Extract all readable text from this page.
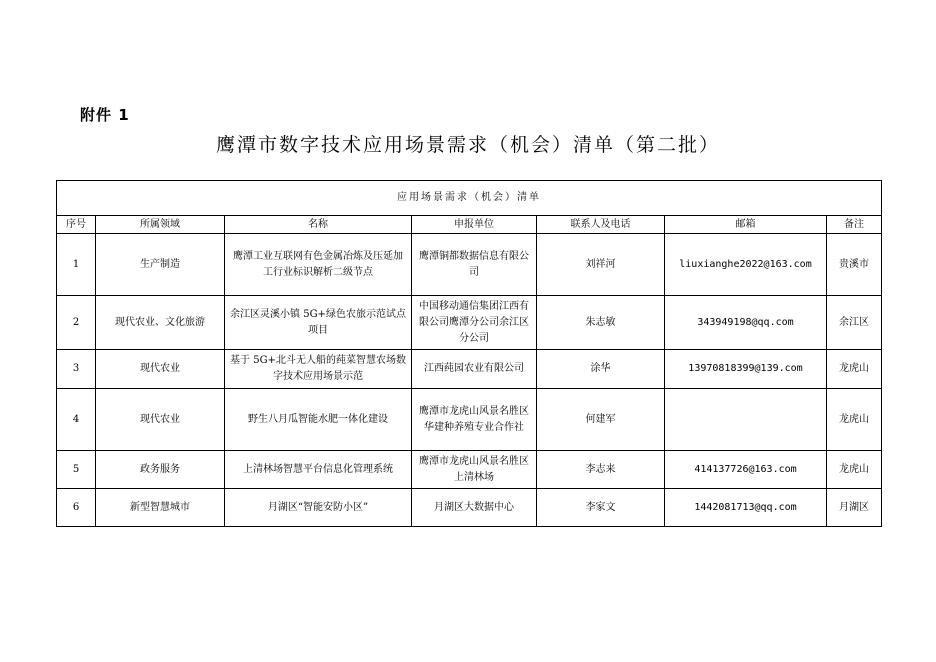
附件 1
鹰潭市数字技术应用场景需求（机会）清单（第二批）
应用场景需求（机会）清单						
序号	所属领域	名称	申报单位	联系人及电话	邮箱	备注
1	生产制造	鹰潭工业互联网有色金属冶炼及压延加工行业标识解析二级节点	鹰潭铜都数据信息有限公司	刘祥河	liuxianghe2022@163.com	贵溪市
2	现代农业、文化旅游	余江区灵溪小镇 5G+绿色农旅示范试点项目	中国移动通信集团江西有限公司鹰潭分公司余江区分公司	朱志敏	343949198@qq.com	余江区
3	现代农业	基于 5G+北斗无人船的莼菜智慧农场数字技术应用场景示范	江西莼园农业有限公司	涂华	13970818399@139.com	龙虎山
4	现代农业	野生八月瓜智能水肥一体化建设	鹰潭市龙虎山风景名胜区华建种养殖专业合作社	何建军		龙虎山
5	政务服务	上清林场智慧平台信息化管理系统	鹰潭市龙虎山风景名胜区上清林场	李志来	414137726@163.com	龙虎山
6	新型智慧城市	月湖区“智能安防小区”	月湖区大数据中心	李家文	1442081713@qq.com	月湖区
